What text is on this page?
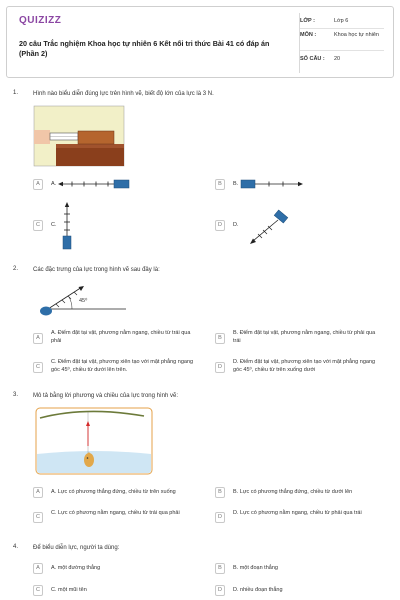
QUIZIZZ
20 câu Trắc nghiệm Khoa học tự nhiên 6 Kết nối tri thức Bài 41 có đáp án (Phần 2)
LỚP :	Lớp 6
MÔN :	Khoa học tự nhiên
SỐ CÂU :	20
1. Hình nào biểu diễn đúng lực trên hình vẽ, biết độ lớn của lực là 3 N.
A	A.	B	B.
C	C.	D	D.
2. Các đặc trưng của lực trong hình vẽ sau đây là:
45⁰
A
A. Điểm đặt tại vật, phương nằm ngang, chiều từ trái qua phải	B
B. Điểm đặt tại vật, phương nằm ngang, chiều từ phải qua trái
C
C. Điểm đặt tại vật, phương xiên tạo với mặt phẳng ngang góc 45⁰, chiều từ dưới lên trên.	D
D. Điểm đặt tại vật, phương xiên tạo với mặt phẳng ngang góc 45⁰, chiều từ trên xuống dưới
3. Mô tả bằng lời phương và chiều của lực trong hình vẽ:
A	A. Lực có phương thẳng đứng, chiều từ trên xuống	B	B. Lực có phương thẳng đứng, chiều từ dưới lên
C
C. Lực có phương nằm ngang, chiều từ trái qua phải
D
D. Lực có phương nằm ngang, chiều từ phải qua trái
4. Để biểu diễn lực, người ta dùng:
A	A. một đường thẳng	B	B. một đoạn thẳng
C	C. một mũi tên	D	D. nhiều đoạn thẳng
